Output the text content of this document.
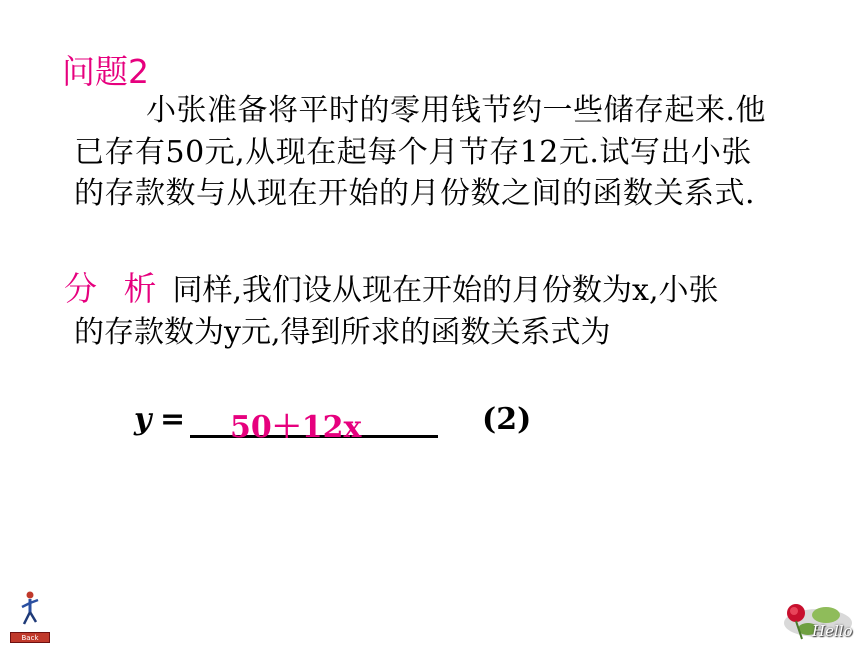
问题2
小张准备将平时的零用钱节约一些储存起来.他已存有50元,从现在起每个月节存12元.试写出小张的存款数与从现在开始的月份数之间的函数关系式.
分 析 同样,我们设从现在开始的月份数为x,小张
的存款数为y元,得到所求的函数关系式为
y = 50＋12x	(2)
Back	Hello
